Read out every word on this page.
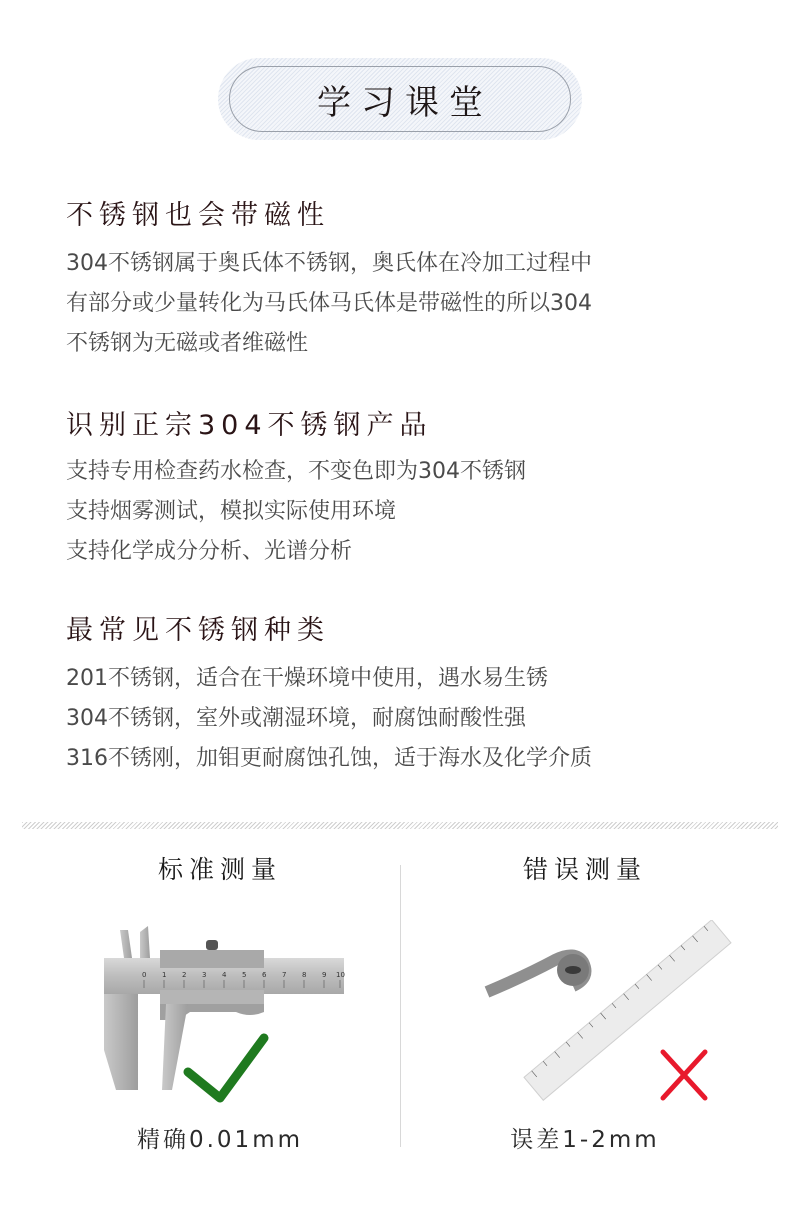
学习课堂
不锈钢也会带磁性

304不锈钢属于奥氏体不锈钢，奥氏体在冷加工过程中

有部分或少量转化为马氏体马氏体是带磁性的所以304

不锈钢为无磁或者维磁性

识别正宗304不锈钢产品

支持专用检查药水检查，不变色即为304不锈钢

支持烟雾测试，模拟实际使用环境

支持化学成分分析、光谱分析

最常见不锈钢种类

201不锈钢，适合在干燥环境中使用，遇水易生锈

304不锈钢，室外或潮湿环境，耐腐蚀耐酸性强

316不锈刚，加钼更耐腐蚀孔蚀，适于海水及化学介质

标准测量
0 1 2 3 4 5 6 7 8 9 10
精确0.01mm
错误测量
误差1-2mm
